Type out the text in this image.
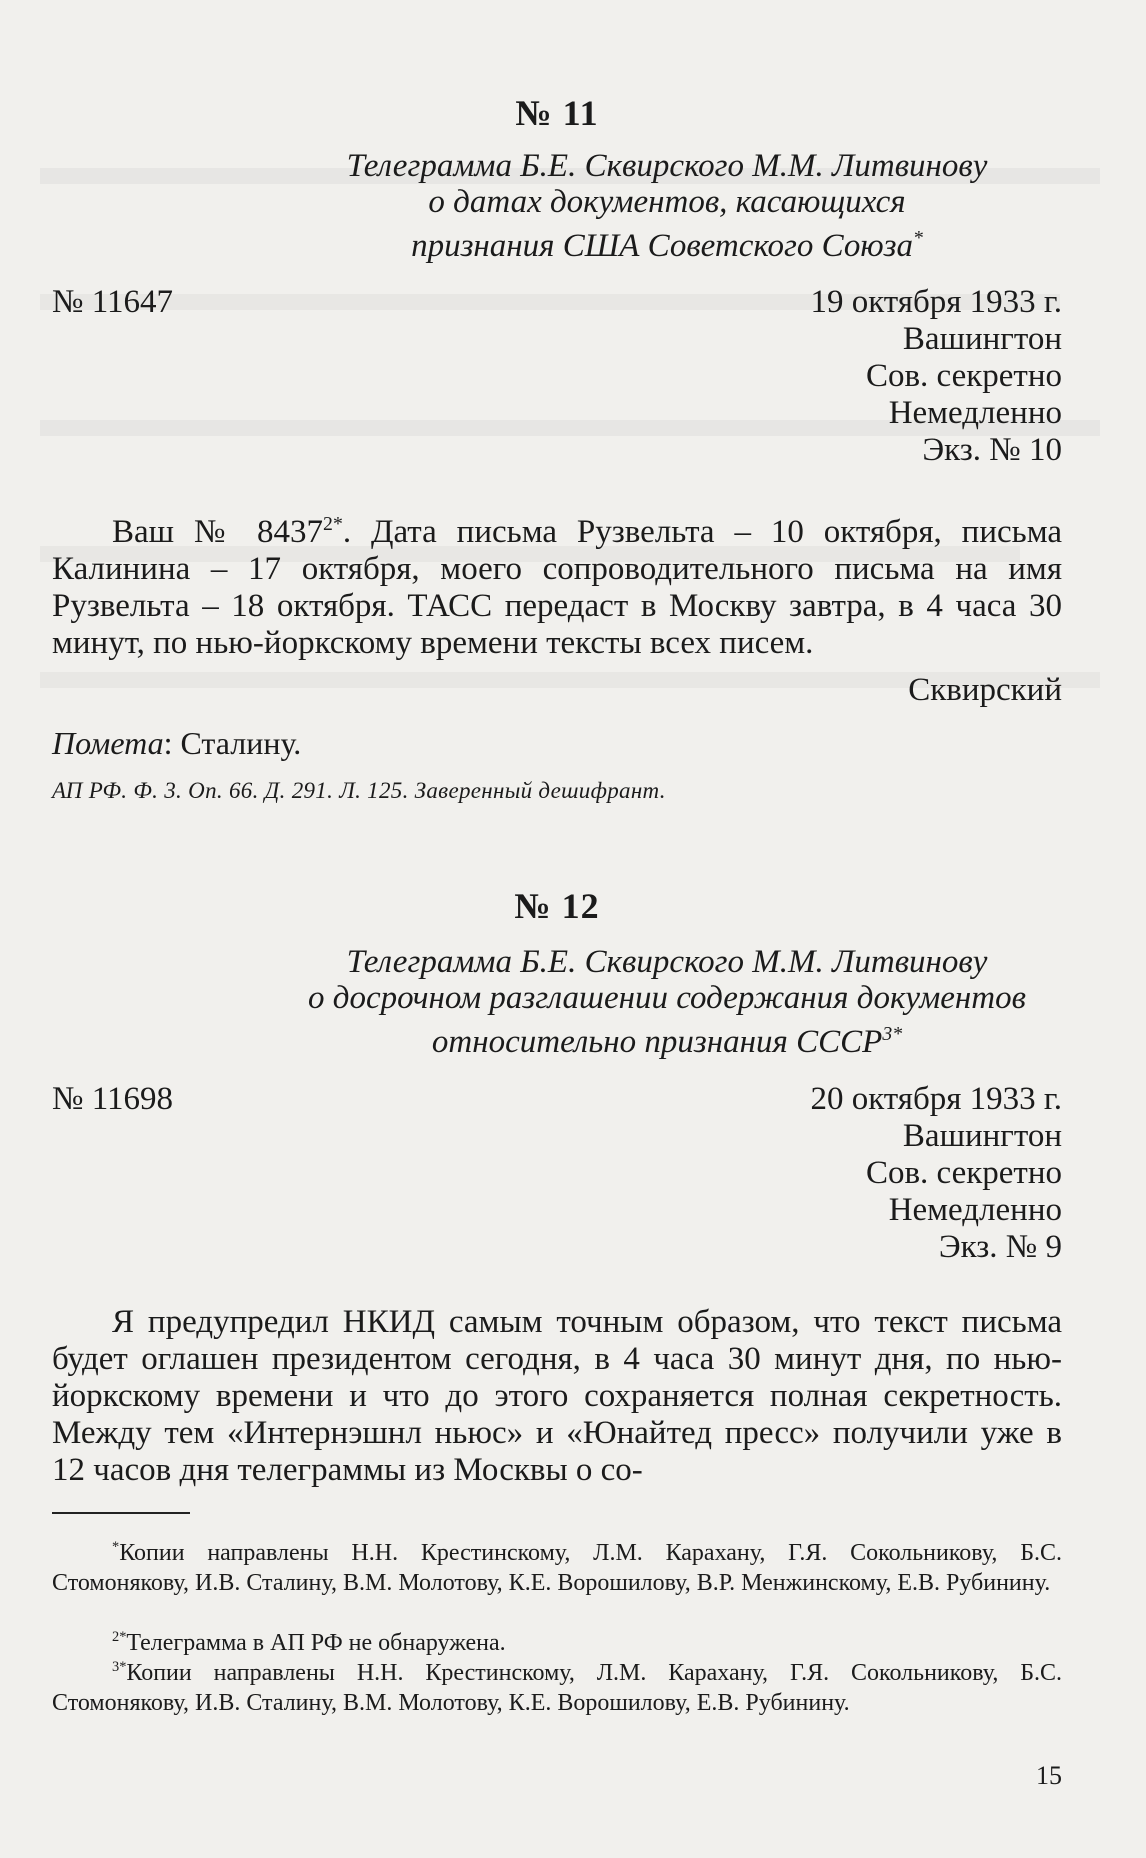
№ 11
Телеграмма Б.Е. Сквирского М.М. Литвинову
о датах документов, касающихся
признания США Советского Союза*
№ 11647	19 октября 1933 г.
Вашингтон
Сов. секретно
Немедленно
Экз. № 10
Ваш № $8437^{2*}$. Дата письма Рузвельта – 10 октября, письма Калинина – 17 октября, моего сопроводительного письма на имя Рузвельта – 18 октября. ТАСС передаст в Москву завтра, в 4 часа 30 минут, по нью-йоркскому времени тексты всех писем.
Сквирский
Помета: Сталину.
АП РФ. Ф. 3. Оп. 66. Д. 291. Л. 125. Заверенный дешифрант.
№ 12
Телеграмма Б.Е. Сквирского М.М. Литвинову
о досрочном разглашении содержания документов
относительно признания $СССР^{3*}$
№ 11698	20 октября 1933 г.
Вашингтон
Сов. секретно
Немедленно
Экз. № 9
Я предупредил НКИД самым точным образом, что текст письма будет оглашен президентом сегодня, в 4 часа 30 минут дня, по нью-йоркскому времени и что до этого сохраняется полная секретность. Между тем «Интернэшнл ньюс» и «Юнайтед пресс» получили уже в 12 часов дня телеграммы из Москвы о со-
*Копии направлены Н.Н. Крестинскому, Л.М. Карахану, Г.Я. Сокольникову, Б.С. Стомонякову, И.В. Сталину, В.М. Молотову, К.Е. Ворошилову, В.Р. Менжинскому, Е.В. Рубинину.
$^{2*}$Телеграмма в АП РФ не обнаружена.
$^{3*}$Копии направлены Н.Н. Крестинскому, Л.М. Карахану, Г.Я. Сокольникову, Б.С. Стомонякову, И.В. Сталину, В.М. Молотову, К.Е. Ворошилову, Е.В. Рубинину.
15
